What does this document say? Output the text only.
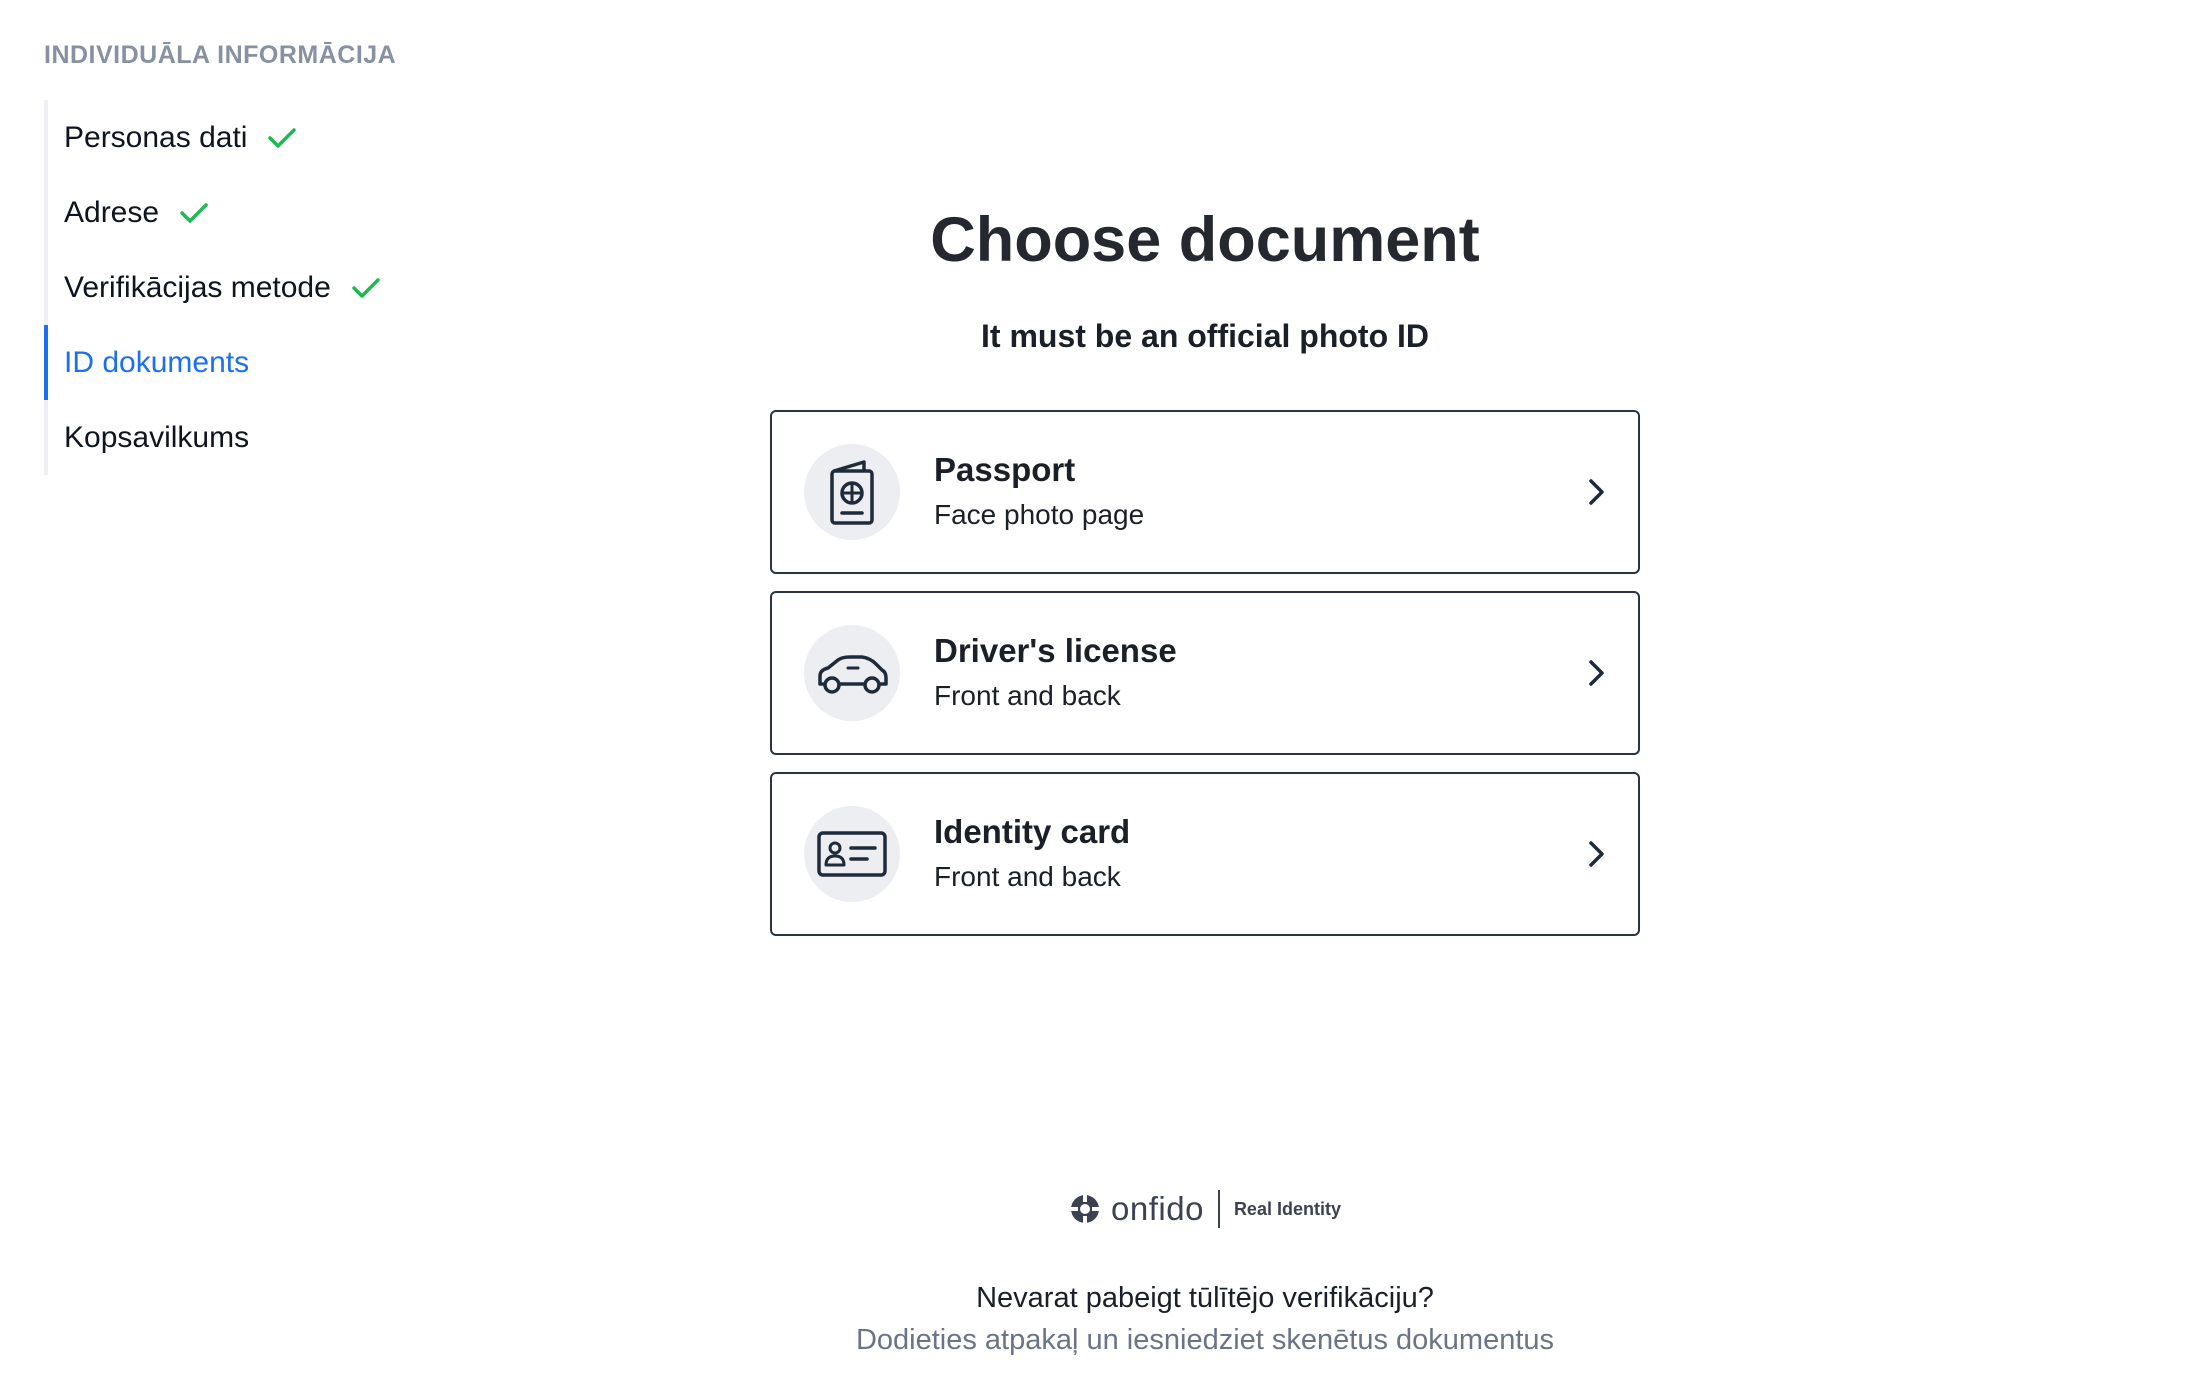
INDIVIDUĀLA INFORMĀCIJA
Personas dati
Adrese
Verifikācijas metode
ID dokuments
Kopsavilkums
Choose document
It must be an official photo ID
Passport
Face photo page
Driver's license
Front and back
Identity card
Front and back
onfido Real Identity
Nevarat pabeigt tūlītējo verifikāciju?
Dodieties atpakaļ un iesniedziet skenētus dokumentus
